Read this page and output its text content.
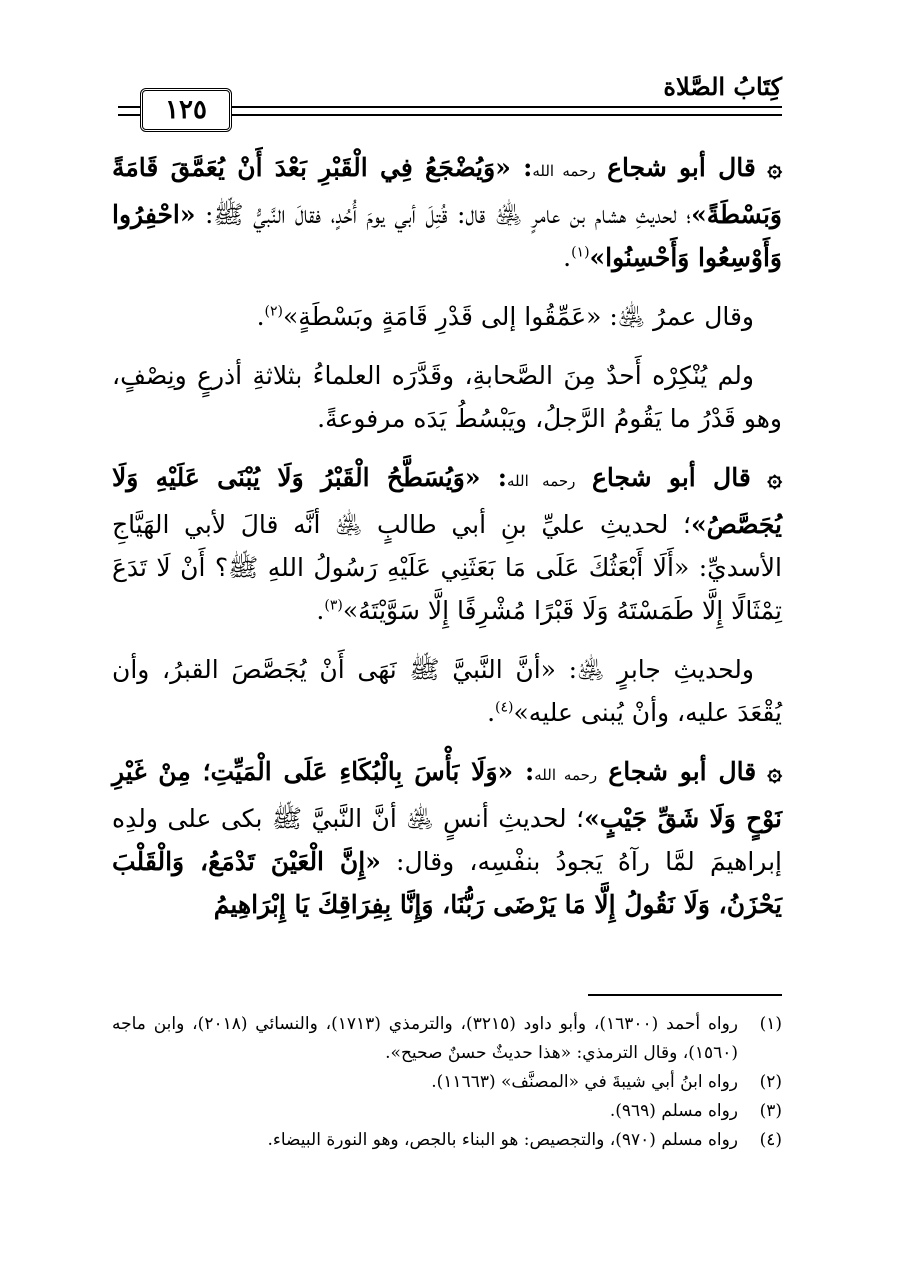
كِتَابُ الصَّلاة
١٢٥

۞ قال أبو شجاع رحمه الله: «وَيُضْجَعُ فِي الْقَبْرِ بَعْدَ أَنْ يُعَمَّقَ قَامَةً وَبَسْطَةً»؛ لحديثِ هشام بن عامرٍ ﵁ قال: قُتِلَ أبي يومَ أُحُدٍ، فقالَ النَّبيُّ ﷺ: «احْفِرُوا وَأَوْسِعُوا وَأَحْسِنُوا»$^{(١)}$.

وقال عمرُ ﵁: «عَمِّقُوا إلى قَدْرِ قَامَةٍ وبَسْطَةٍ»$^{(٢)}$.

ولم يُنْكِرْه أَحدٌ مِنَ الصَّحابةِ، وقَدَّرَه العلماءُ بثلاثةِ أذرعٍ ونِصْفٍ، وهو قَدْرُ ما يَقُومُ الرَّجلُ، ويَبْسُطُ يَدَه مرفوعةً.

۞ قال أبو شجاع رحمه الله: «وَيُسَطَّحُ الْقَبْرُ وَلَا يُبْنَى عَلَيْهِ وَلَا يُجَصَّصُ»؛ لحديثِ عليِّ بنِ أبي طالبٍ ﵁ أنَّه قالَ لأبي الهَيَّاجِ الأسديِّ: «أَلَا أَبْعَثُكَ عَلَى مَا بَعَثَنِي عَلَيْهِ رَسُولُ اللهِ ﷺ؟ أَنْ لَا تَدَعَ تِمْثَالًا إِلَّا طَمَسْتَهُ وَلَا قَبْرًا مُشْرِفًا إِلَّا سَوَّيْتَهُ»$^{(٣)}$.

ولحديثِ جابرٍ ﵁: «أنَّ النَّبيَّ ﷺ نَهَى أَنْ يُجَصَّصَ القبرُ، وأن يُقْعَدَ عليه، وأنْ يُبنى عليه»$^{(٤)}$.

۞ قال أبو شجاع رحمه الله: «وَلَا بَأْسَ بِالْبُكَاءِ عَلَى الْمَيِّتِ؛ مِنْ غَيْرِ نَوْحٍ وَلَا شَقِّ جَيْبٍ»؛ لحديثِ أنسٍ ﵁ أنَّ النَّبيَّ ﷺ بكى على ولدِه إبراهيمَ لمَّا رآهُ يَجودُ بنفْسِه، وقال: «إِنَّ الْعَيْنَ تَدْمَعُ، وَالْقَلْبَ يَحْزَنُ، وَلَا نَقُولُ إِلَّا مَا يَرْضَى رَبُّنَا، وَإِنَّا بِفِرَاقِكَ يَا إِبْرَاهِيمُ

(١)
رواه أحمد (١٦٣٠٠)، وأبو داود (٣٢١٥)، والترمذي (١٧١٣)، والنسائي (٢٠١٨)، وابن ماجه (١٥٦٠)، وقال الترمذي: «هذا حديثٌ حسنٌ صحيح».

(٢)
رواه ابنُ أبي شيبةَ في «المصنَّف» (١١٦٦٣).

(٣)
رواه مسلم (٩٦٩).

(٤)
رواه مسلم (٩٧٠)، والتجصيص: هو البناء بالجص، وهو النورة البيضاء.
